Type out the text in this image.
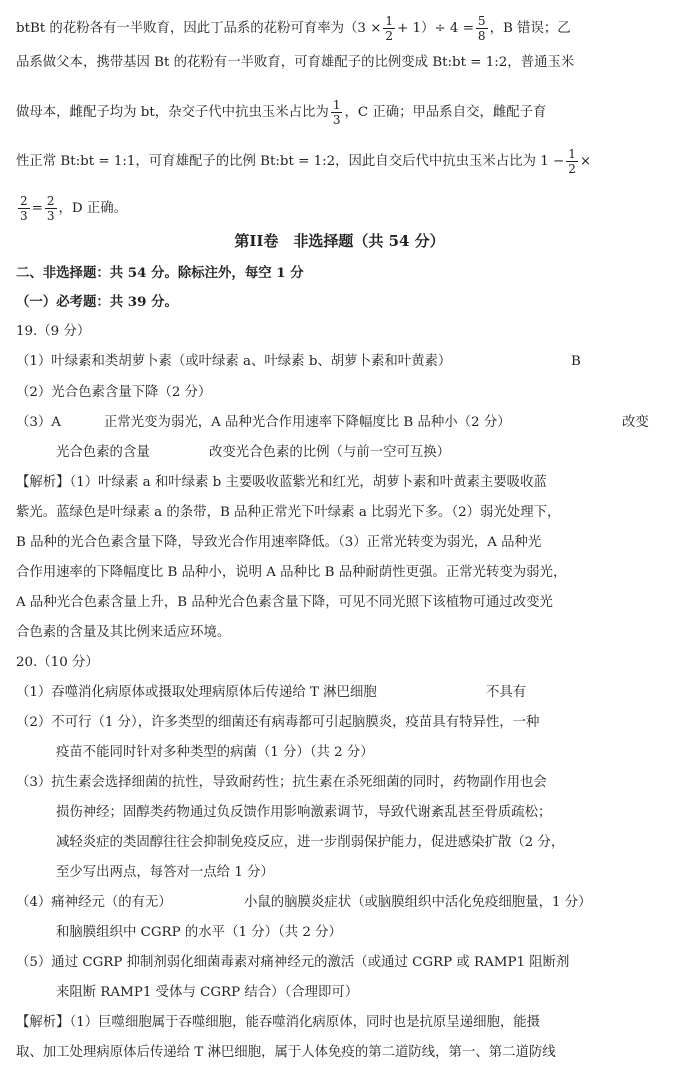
btBt 的花粉各有一半败育，因此丁品系的花粉可育率为$(3 \times \frac{1}{2} + 1)\div 4 = \frac{5}{8}$ ，B 错误；乙
品系做父本，携带基因 Bt 的花粉有一半败育，可育雄配子的比例变成 Bt:bt = 1:2，普通玉米
做母本，雌配子均为 bt，杂交子代中抗虫玉米占比为 $\frac{1}{3}$ ，C 正确；甲品系自交，雌配子育
性正常 Bt:bt = 1:1，可育雄配子的比例 Bt:bt = 1:2，因此自交后代中抗虫玉米占比为 $1 - \frac{1}{2}$ ×
$\frac{2}{3} = \frac{2}{3}$ ，D 正确。
第II卷　非选择题（共 54 分）
二、非选择题：共 54 分。除标注外，每空 1 分
（一）必考题：共 39 分。
19.（9 分）
（1）叶绿素和类胡萝卜素（或叶绿素 a、叶绿素 b、胡萝卜素和叶黄素）	B
（2）光合色素含量下降（2 分）
（3）A	正常光变为弱光，A 品种光合作用速率下降幅度比 B 品种小（2 分）	改变
光合色素的含量	改变光合色素的比例（与前一空可互换）
【解析】（1）叶绿素 a 和叶绿素 b 主要吸收蓝紫光和红光，胡萝卜素和叶黄素主要吸收蓝
紫光。蓝绿色是叶绿素 a 的条带，B 品种正常光下叶绿素 a 比弱光下多。（2）弱光处理下，
B 品种的光合色素含量下降，导致光合作用速率降低。（3）正常光转变为弱光，A 品种光
合作用速率的下降幅度比 B 品种小，说明 A 品种比 B 品种耐荫性更强。正常光转变为弱光，
A 品种光合色素含量上升，B 品种光合色素含量下降，可见不同光照下该植物可通过改变光
合色素的含量及其比例来适应环境。
20.（10 分）
（1）吞噬消化病原体或摄取处理病原体后传递给 T 淋巴细胞	不具有
（2）不可行（1 分），许多类型的细菌还有病毒都可引起脑膜炎，疫苗具有特异性，一种
疫苗不能同时针对多种类型的病菌（1 分）（共 2 分）
（3）抗生素会选择细菌的抗性，导致耐药性；抗生素在杀死细菌的同时，药物副作用也会
损伤神经；固醇类药物通过负反馈作用影响激素调节，导致代谢紊乱甚至骨质疏松；
减轻炎症的类固醇往往会抑制免疫反应，进一步削弱保护能力，促进感染扩散（2 分，
至少写出两点，每答对一点给 1 分）
（4）痛神经元（的有无）	小鼠的脑膜炎症状（或脑膜组织中活化免疫细胞量，1 分）
和脑膜组织中 CGRP 的水平（1 分）（共 2 分）
（5）通过 CGRP 抑制剂弱化细菌毒素对痛神经元的激活（或通过 CGRP 或 RAMP1 阻断剂
来阻断 RAMP1 受体与 CGRP 结合）（合理即可）
【解析】（1）巨噬细胞属于吞噬细胞，能吞噬消化病原体，同时也是抗原呈递细胞，能摄
取、加工处理病原体后传递给 T 淋巴细胞，属于人体免疫的第二道防线，第一、第二道防线
